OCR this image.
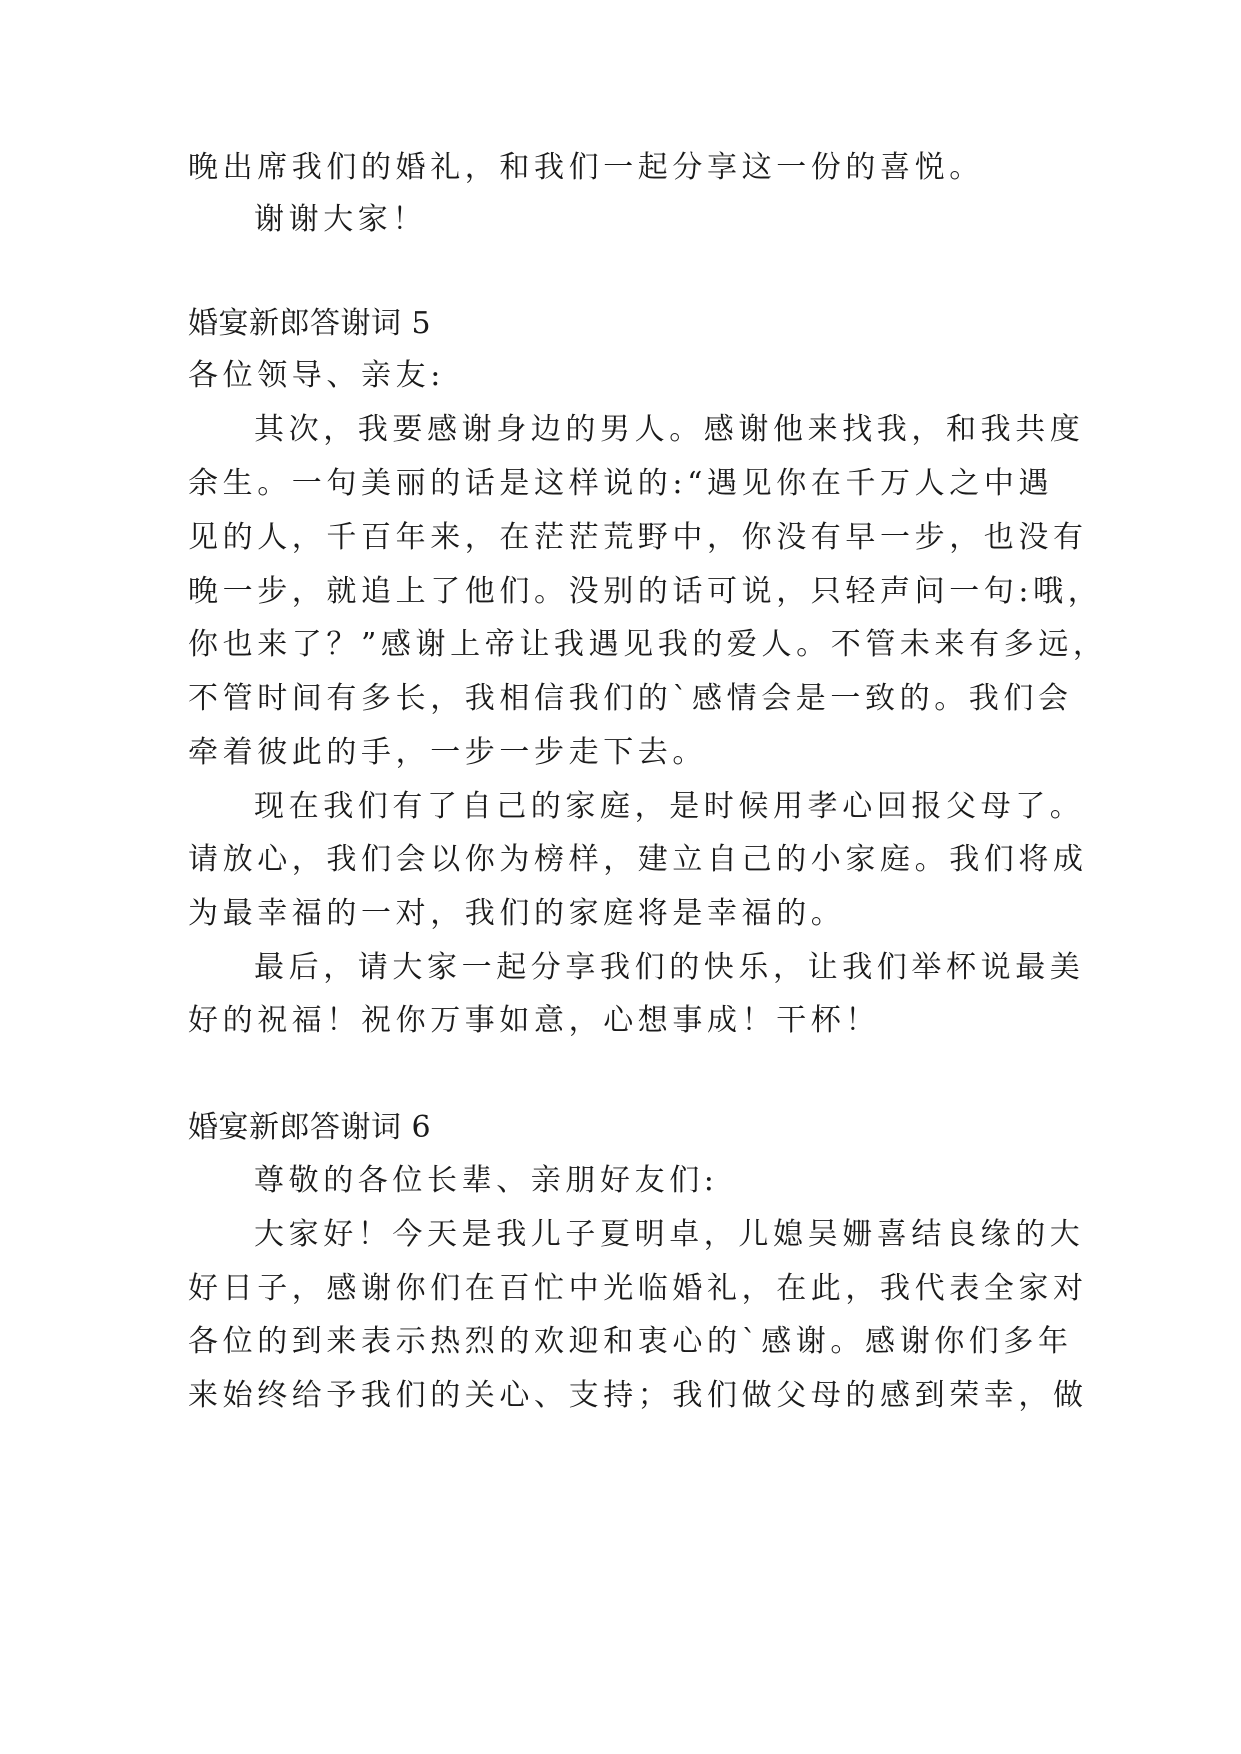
晚出席我们的婚礼，和我们一起分享这一份的喜悦。
谢谢大家！
婚宴新郎答谢词 5
各位领导、亲友:
其次，我要感谢身边的男人。感谢他来找我，和我共度
余生。一句美丽的话是这样说的:“遇见你在千万人之中遇
见的人，千百年来，在茫茫荒野中，你没有早一步，也没有
晚一步，就追上了他们。没别的话可说，只轻声问一句:哦，
你也来了？”感谢上帝让我遇见我的爱人。不管未来有多远，
不管时间有多长，我相信我们的`感情会是一致的。我们会
牵着彼此的手，一步一步走下去。
现在我们有了自己的家庭，是时候用孝心回报父母了。
请放心，我们会以你为榜样，建立自己的小家庭。我们将成
为最幸福的一对，我们的家庭将是幸福的。
最后，请大家一起分享我们的快乐，让我们举杯说最美
好的祝福！祝你万事如意，心想事成！干杯！
婚宴新郎答谢词 6
尊敬的各位长辈、亲朋好友们:
大家好！今天是我儿子夏明卓，儿媳吴姗喜结良缘的大
好日子，感谢你们在百忙中光临婚礼，在此，我代表全家对
各位的到来表示热烈的欢迎和衷心的`感谢。感谢你们多年
来始终给予我们的关心、支持；我们做父母的感到荣幸，做
